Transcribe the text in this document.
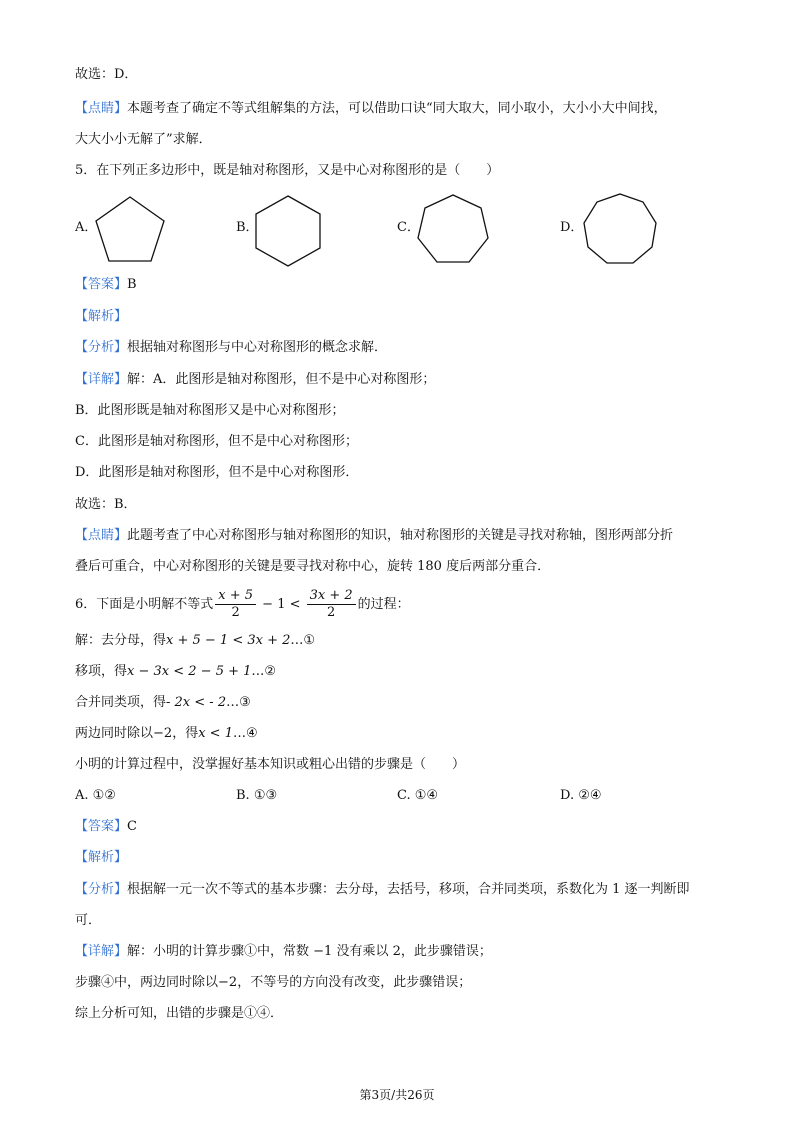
故选：D．
【点睛】本题考查了确定不等式组解集的方法，可以借助口诀“同大取大，同小取小，大小小大中间找，
大大小小无解了”求解．
5．在下列正多边形中，既是轴对称图形，又是中心对称图形的是（　　）
A．	B．	C．	D．
【答案】B
【解析】
【分析】根据轴对称图形与中心对称图形的概念求解．
【详解】解：A．此图形是轴对称图形，但不是中心对称图形；
B．此图形既是轴对称图形又是中心对称图形；
C．此图形是轴对称图形，但不是中心对称图形；
D．此图形是轴对称图形，但不是中心对称图形．
故选：B．
【点睛】此题考查了中心对称图形与轴对称图形的知识，轴对称图形的关键是寻找对称轴，图形两部分折
叠后可重合，中心对称图形的关键是要寻找对称中心，旋转 180 度后两部分重合．
6．下面是小明解不等式 $\frac{x + 5}{2} - 1 < \frac{3x + 2}{2}$ 的过程：
解：去分母，得x + 5 − 1 < 3x + 2…①
移项，得x − 3x < 2 − 5 + 1…②
合并同类项，得- 2x < - 2…③
两边同时除以−2，得x < 1…④
小明的计算过程中，没掌握好基本知识或粗心出错的步骤是（　　）
A. ①②	B. ①③	C. ①④	D. ②④
【答案】C
【解析】
【分析】根据解一元一次不等式的基本步骤：去分母，去括号，移项，合并同类项，系数化为 1 逐一判断即
可．
【详解】解：小明的计算步骤①中，常数 −1 没有乘以 2，此步骤错误；
步骤④中，两边同时除以−2，不等号的方向没有改变，此步骤错误；
综上分析可知，出错的步骤是①④．
第3页/共26页
